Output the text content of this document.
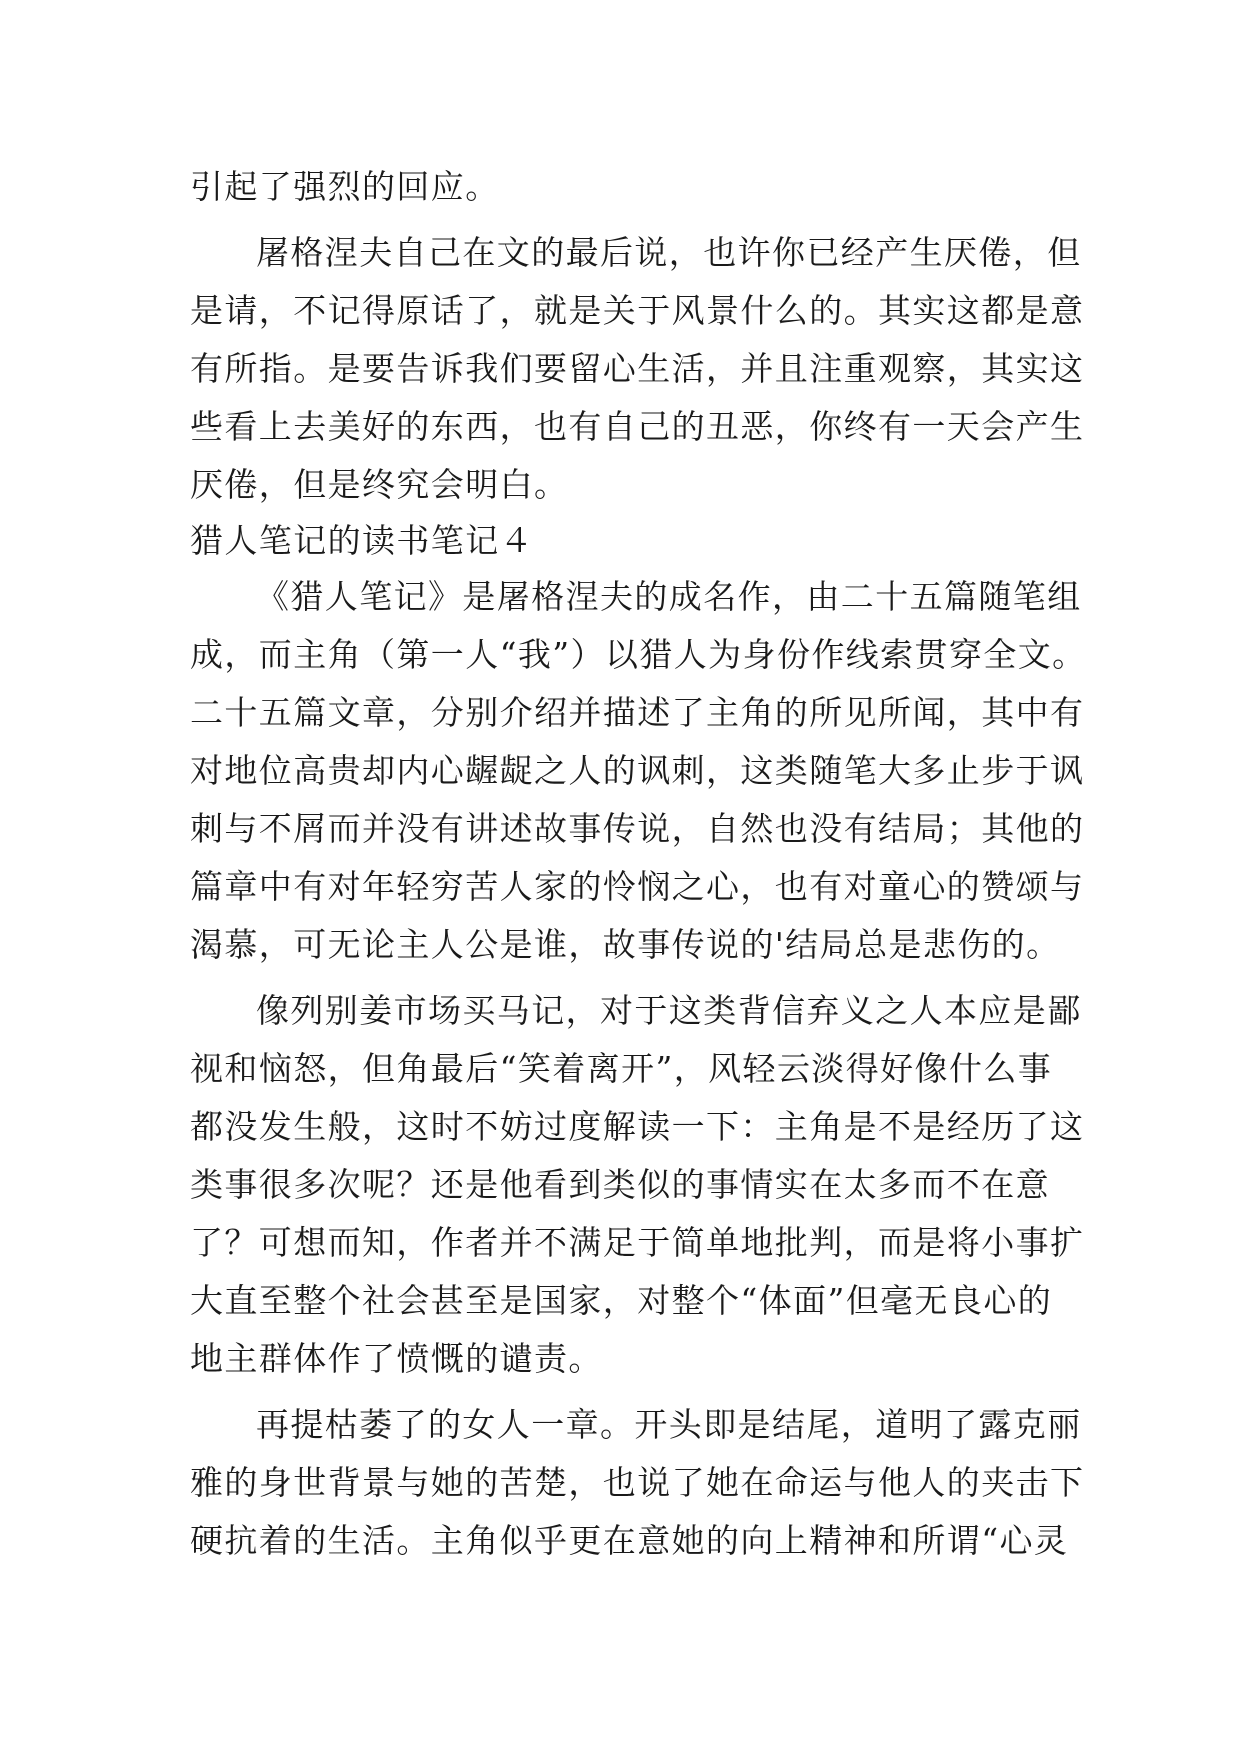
引起了强烈的回应。
屠格涅夫自己在文的最后说，也许你已经产生厌倦，但
是请，不记得原话了，就是关于风景什么的。其实这都是意
有所指。是要告诉我们要留心生活，并且注重观察，其实这
些看上去美好的东西，也有自己的丑恶，你终有一天会产生
厌倦，但是终究会明白。
猎人笔记的读书笔记４
《猎人笔记》是屠格涅夫的成名作，由二十五篇随笔组
成，而主角（第一人“我”）以猎人为身份作线索贯穿全文。
二十五篇文章，分别介绍并描述了主角的所见所闻，其中有
对地位高贵却内心龌龊之人的讽刺，这类随笔大多止步于讽
刺与不屑而并没有讲述故事传说，自然也没有结局；其他的
篇章中有对年轻穷苦人家的怜悯之心，也有对童心的赞颂与
渴慕，可无论主人公是谁，故事传说的'结局总是悲伤的。
像列别姜市场买马记，对于这类背信弃义之人本应是鄙
视和恼怒，但角最后“笑着离开”，风轻云淡得好像什么事
都没发生般，这时不妨过度解读一下：主角是不是经历了这
类事很多次呢？还是他看到类似的事情实在太多而不在意
了？可想而知，作者并不满足于简单地批判，而是将小事扩
大直至整个社会甚至是国家，对整个“体面”但毫无良心的
地主群体作了愤慨的谴责。
再提枯萎了的女人一章。开头即是结尾，道明了露克丽
雅的身世背景与她的苦楚，也说了她在命运与他人的夹击下
硬抗着的生活。主角似乎更在意她的向上精神和所谓“心灵
